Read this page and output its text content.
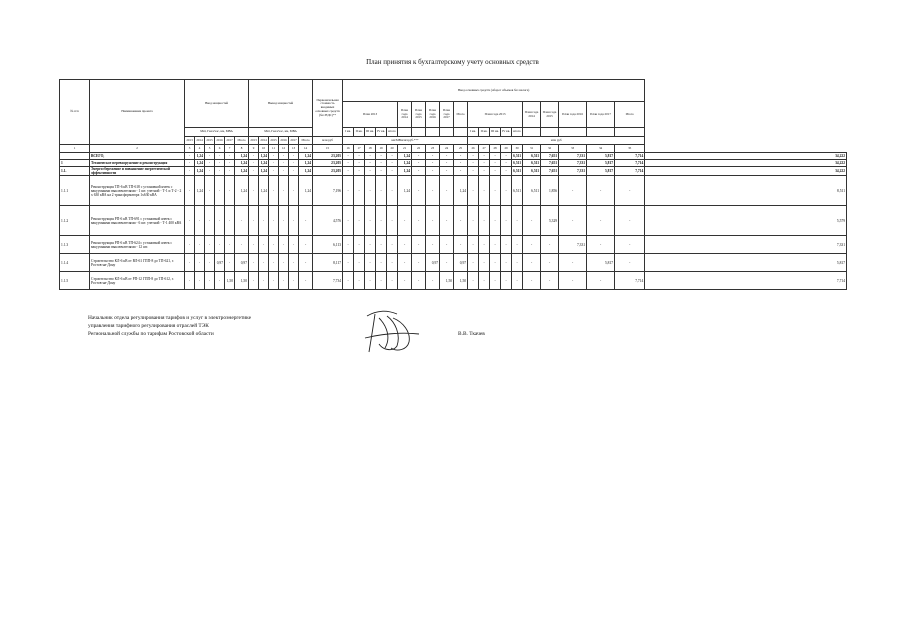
План принятия к бухгалтерскому учету основных средств
№ п/п	Наименование проекта	Ввод мощностей						Вывод мощностей						Первоначальная стоимость вводимых основных средств (без НДС)**	Ввод основных средств (оборот объемов без налога)																				
															План 2013					План года 2014	План года 2015	План года 2016	План года 2017	Итого	План года 2013					План года 2014	План года 2015	План года 2016	План года 2017	Итого	
		Мвт, Гкал/час, км, МВА						Мвт, Гкал/час, км, МВА							I кв.	II кв.	III кв.	IV кв.	итого						I кв.	II кв.	III кв.	IV кв.	итого						
		2013	2014	2015	2016	2017	Итого	2013	2014	2015	2016	2017	Итого	млн руб	км/МВА/шт.руб.***										млн руб										
1	2	3	4	5	6	7	8	9	10	11	12	13	14	15	16	17	18	19	20	21	22	23	24	25	26	27	28	29	30	31	32	33	34	35	
	ВСЕГО,	-	1,24	-	-	-	1,24	-	1,24	-	-	-	1,24	23,205	-	-	-	-	-	1,24	-	-	-	-	-	-	-	-	6,511	6,511	7,651	7,331	5,817	7,714	34,222
1	Техническое перевооружение и реконструкция	-	1,24	-	-	-	1,24	-	1,24	-	-	-	1,24	23,205	-	-	-	-	-	1,24	-	-	-	-	-	-	-	-	6,511	6,511	7,651	7,331	5,817	7,714	34,222
1.1.	Энергосбережение и повышение энергетической эффективности	-	1,24	-	-	-	1,24	-	1,24	-	-	-	1,24	23,205	-	-	-	-	-	1,24	-	-	-	-	-	-	-	-	6,511	6,511	7,651	7,331	5,817	7,714	34,222
1.1.1	Реконструкция ТП-6 кВ ТП-618 с установкой ячеек с вакуумными выключателями - 1 шт. учетной - Т-1 и Т-2 - 2 х 630 кВА на 2 трансформатора 1x630 кВА	-	1,24	-	-	-	1,24	-	1,24	-	-	-	1,24	7,196	-	-	-	-	-	1,24	-	-	-	1,24	-	-	-	-	6,511	6,511	1,856	-	-	-	8,511
1.1.2	Реконструкция РП-6 кВ ТП-691 с установкой ячеек с вакуумными выключателями - 6 шт. учетной - Т-1 400 кВА	-	-	-	-	-	-	-	-	-	-	-	-	4,576	-	-	-	-	-	-	-	-	-	-	-	-	-	-	-	-	5,329	-	-	-	5,579
1.1.3	Реконструкция РП-6 кВ ТП-624 с установкой ячеек с вакуумными выключателями - 12 шт.	-	-	-	-	-	-	-	-	-	-	-	-	6,113	-	-	-	-	-	-	-	-	-	-	-	-	-	-	-	-	-	7,331	-	-	7,331
1.1.4	Строительство КЛ-6 кВ от ВЛ-61 ГПП-8 до ТП-621, г. Ростов-на-Дону	-	-	-	0,97	-	0,97	-	-	-	-	-	-	8,117	-	-	-	-	-	-	-	0,97	-	0,97	-	-	-	-	-	-	-	-	5,817	-	5,817
1.1.5	Строительство КЛ-6 кВ от РП-12 ГПП-8 до ТП-612, г. Ростов-на-Дону	-	-	-	-	1,50	1,50	-	-	-	-	-	-	7,734	-	-	-	-	-	-	-	-	1,50	1,50	-	-	-	-	-	-	-	-	-	7,714	7,714
Начальник отдела регулирования тарифов и услуг в электроэнергетике
управления тарифного регулирования отраслей ТЭК
Региональной службы по тарифам Ростовской области	В.В. Ткачев
